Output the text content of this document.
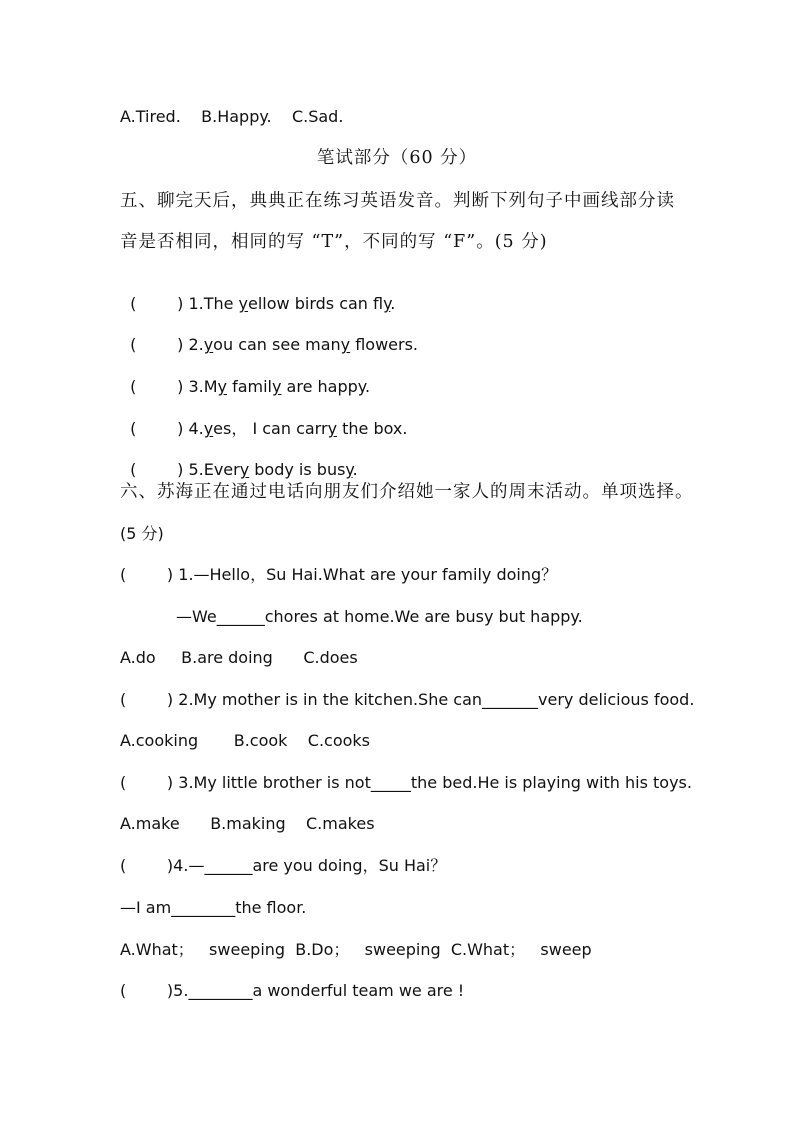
A.Tired.    B.Happy.    C.Sad.
笔试部分（60 分）
五、聊完天后，典典正在练习英语发音。判断下列句子中画线部分读
音是否相同，相同的写 “T”，不同的写 “F”。(5 分)

(        ) 1.The yellow birds can fly.

(        ) 2.you can see many flowers.

(        ) 3.My family are happy.

(        ) 4.yes， I can carry the box.

(        ) 5.Every body is busy.

六、苏海正在通过电话向朋友们介绍她一家人的周末活动。单项选择。
(5 分)
(        ) 1.—Hello，Su Hai.What are your family doing？
—We______chores at home.We are busy but happy.
A.do     B.are doing      C.does
(        ) 2.My mother is in the kitchen.She can_______very delicious food.
A.cooking       B.cook    C.cooks
(        ) 3.My little brother is not_____the bed.He is playing with his toys.
A.make      B.making    C.makes
(        )4.—______are you doing，Su Hai？
—I am________the floor.
A.What；   sweeping  B.Do；   sweeping  C.What；   sweep
(        )5.________a wonderful team we are !
